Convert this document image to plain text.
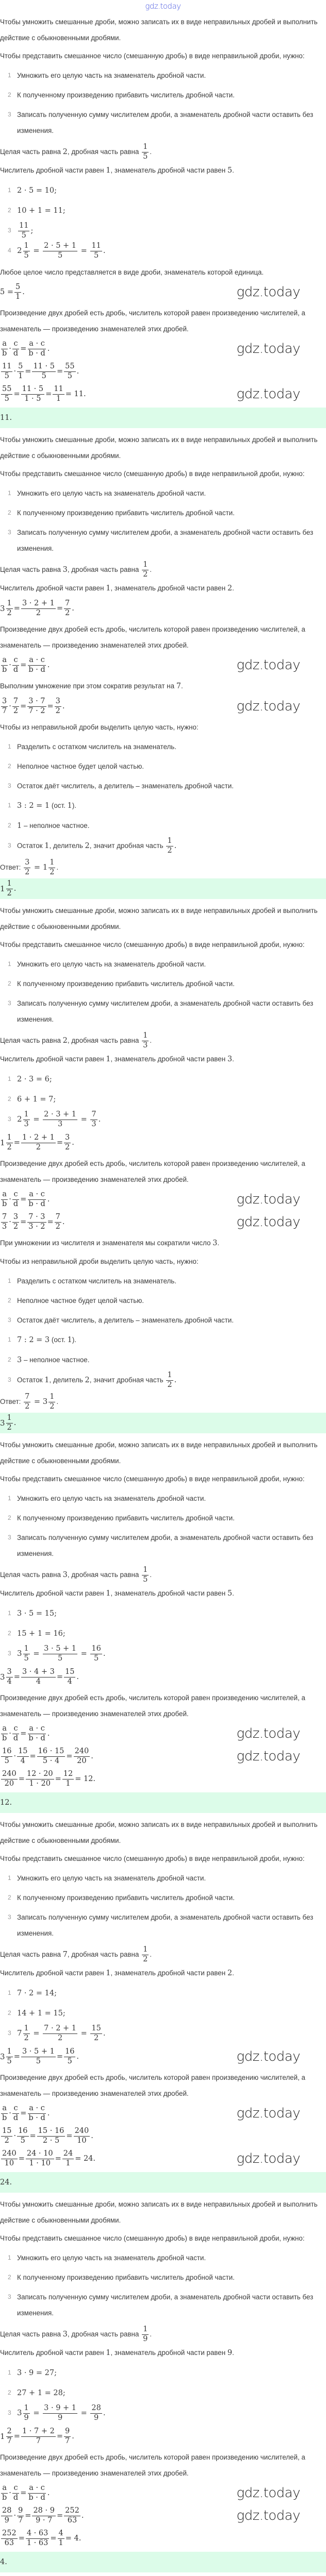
gdz.today
Чтобы умножить смешанные дроби, можно записать их в виде неправильных дробей и выполнить действие с обыкновенными дробями.
Чтобы представить смешанное число (смешанную дробь) в виде неправильной дроби, нужно:
1 Умножить его целую часть на знаменатель дробной части.
2 К полученному произведению прибавить числитель дробной части.
3 Записать полученную сумму числителем дроби, а знаменатель дробной части оставить без изменения.
Целая часть равна 2, дробная часть равна $\frac{1}{5}$ .
Числитель дробной части равен 1, знаменатель дробной части равен 5.
1 2 · 5 = 10;
2 10 + 1 = 11;
$3 \frac{11}{5}$ ;
4 $2 \frac{1}{5} = \frac{2 \cdot 5 + 1}{5} = \frac{11}{5}$ .
Любое целое число представляется в виде дроби, знаменатель которой единица.
$5 = \frac{5}{1}$ .	gdz.today
Произведение двух дробей есть дробь, числитель которой равен произведению числителей, а знаменатель — произведению знаменателей этих дробей.
$\frac{a}{b} \cdot \frac{c}{d} = \frac{a \cdot c}{b \cdot d}$ .	gdz.today
$\frac{11}{5} \cdot \frac{5}{1} = \frac{11 \cdot 5}{5} = \frac{55}{5}$ .
$\frac{55}{5} = \frac{11 \cdot 5}{1 \cdot 5} = \frac{11}{1} = 11$.	gdz.today
11.
Чтобы умножить смешанные дроби, можно записать их в виде неправильных дробей и выполнить действие с обыкновенными дробями.
Чтобы представить смешанное число (смешанную дробь) в виде неправильной дроби, нужно:
1 Умножить его целую часть на знаменатель дробной части.
2 К полученному произведению прибавить числитель дробной части.
3 Записать полученную сумму числителем дроби, а знаменатель дробной части оставить без изменения.
Целая часть равна 3, дробная часть равна $\frac{1}{2}$ .
Числитель дробной части равен 1, знаменатель дробной части равен 2.
$3 \frac{1}{2} = \frac{3 \cdot 2 + 1}{2} = \frac{7}{2}$ .
Произведение двух дробей есть дробь, числитель которой равен произведению числителей, а знаменатель — произведению знаменателей этих дробей.
$\frac{a}{b} \cdot \frac{c}{d} = \frac{a \cdot c}{b \cdot d}$ .	gdz.today
Выполним умножение при этом сократив результат на 7.
$\frac{3}{7} \cdot \frac{7}{2} = \frac{3 \cdot 7}{7 \cdot 2} = \frac{3}{2}$ .	gdz.today
Чтобы из неправильной дроби выделить целую часть, нужно:
1 Разделить с остатком числитель на знаменатель.
2 Неполное частное будет целой частью.
3 Остаток даёт числитель, а делитель – знаменатель дробной части.
1 3 : 2 = 1 (ост. 1).
2 1 – неполное частное.
3 Остаток 1, делитель 2, значит дробная часть $\frac{1}{2}$ .
Ответ: $\frac{3}{2} = 1 \frac{1}{2}$ .
$1 \frac{1}{2}$ .
Чтобы умножить смешанные дроби, можно записать их в виде неправильных дробей и выполнить действие с обыкновенными дробями.
Чтобы представить смешанное число (смешанную дробь) в виде неправильной дроби, нужно:
1 Умножить его целую часть на знаменатель дробной части.
2 К полученному произведению прибавить числитель дробной части.
3 Записать полученную сумму числителем дроби, а знаменатель дробной части оставить без изменения.
Целая часть равна 2, дробная часть равна $\frac{1}{3}$ .
Числитель дробной части равен 1, знаменатель дробной части равен 3.
1 2 · 3 = 6;
2 6 + 1 = 7;
3 $2 \frac{1}{3} = \frac{2 \cdot 3 + 1}{3} = \frac{7}{3}$ .
$1 \frac{1}{2} = \frac{1 \cdot 2 + 1}{2} = \frac{3}{2}$ .
Произведение двух дробей есть дробь, числитель которой равен произведению числителей, а знаменатель — произведению знаменателей этих дробей.
$\frac{a}{b} \cdot \frac{c}{d} = \frac{a \cdot c}{b \cdot d}$ .	gdz.today
$\frac{7}{3} \cdot \frac{3}{2} = \frac{7 \cdot 3}{3 \cdot 2} = \frac{7}{2}$ .	gdz.today
При умножении из числителя и знаменателя мы сократили число 3.
Чтобы из неправильной дроби выделить целую часть, нужно:
1 Разделить с остатком числитель на знаменатель.
2 Неполное частное будет целой частью.
3 Остаток даёт числитель, а делитель – знаменатель дробной части.
1 7 : 2 = 3 (ост. 1).
2 3 – неполное частное.
3 Остаток 1, делитель 2, значит дробная часть $\frac{1}{2}$ .
Ответ: $\frac{7}{2} = 3 \frac{1}{2}$ .
$3 \frac{1}{2}$ .
Чтобы умножить смешанные дроби, можно записать их в виде неправильных дробей и выполнить действие с обыкновенными дробями.
Чтобы представить смешанное число (смешанную дробь) в виде неправильной дроби, нужно:
1 Умножить его целую часть на знаменатель дробной части.
2 К полученному произведению прибавить числитель дробной части.
3 Записать полученную сумму числителем дроби, а знаменатель дробной части оставить без изменения.
Целая часть равна 3, дробная часть равна $\frac{1}{5}$ .
Числитель дробной части равен 1, знаменатель дробной части равен 5.
1 3 · 5 = 15;
2 15 + 1 = 16;
3 $3 \frac{1}{5} = \frac{3 \cdot 5 + 1}{5} = \frac{16}{5}$ .
$3 \frac{3}{4} = \frac{3 \cdot 4 + 3}{4} = \frac{15}{4}$ .
Произведение двух дробей есть дробь, числитель которой равен произведению числителей, а знаменатель — произведению знаменателей этих дробей.
$\frac{a}{b} \cdot \frac{c}{d} = \frac{a \cdot c}{b \cdot d}$ .	gdz.today
$\frac{16}{5} \cdot \frac{15}{4} = \frac{16 \cdot 15}{5 \cdot 4} = \frac{240}{20}$ .	gdz.today
$\frac{240}{20} = \frac{12 \cdot 20}{1 \cdot 20} = \frac{12}{1} = 12$.
12.
Чтобы умножить смешанные дроби, можно записать их в виде неправильных дробей и выполнить действие с обыкновенными дробями.
Чтобы представить смешанное число (смешанную дробь) в виде неправильной дроби, нужно:
1 Умножить его целую часть на знаменатель дробной части.
2 К полученному произведению прибавить числитель дробной части.
3 Записать полученную сумму числителем дроби, а знаменатель дробной части оставить без изменения.
Целая часть равна 7, дробная часть равна $\frac{1}{2}$ .
Числитель дробной части равен 1, знаменатель дробной части равен 2.
1 7 · 2 = 14;
2 14 + 1 = 15;
3 $7 \frac{1}{2} = \frac{7 \cdot 2 + 1}{2} = \frac{15}{2}$ .
$3 \frac{1}{5} = \frac{3 \cdot 5 + 1}{5} = \frac{16}{5}$ .	gdz.today
Произведение двух дробей есть дробь, числитель которой равен произведению числителей, а знаменатель — произведению знаменателей этих дробей.
$\frac{a}{b} \cdot \frac{c}{d} = \frac{a \cdot c}{b \cdot d}$ .	gdz.today
$\frac{15}{2} \cdot \frac{16}{5} = \frac{15 \cdot 16}{2 \cdot 5} = \frac{240}{10}$ .
$\frac{240}{10} = \frac{24 \cdot 10}{1 \cdot 10} = \frac{24}{1} = 24$.	gdz.today
24.
Чтобы умножить смешанные дроби, можно записать их в виде неправильных дробей и выполнить действие с обыкновенными дробями.
Чтобы представить смешанное число (смешанную дробь) в виде неправильной дроби, нужно:
1 Умножить его целую часть на знаменатель дробной части.
2 К полученному произведению прибавить числитель дробной части.
3 Записать полученную сумму числителем дроби, а знаменатель дробной части оставить без изменения.
Целая часть равна 3, дробная часть равна $\frac{1}{9}$ .
Числитель дробной части равен 1, знаменатель дробной части равен 9.
1 3 · 9 = 27;
2 27 + 1 = 28;
3 $3 \frac{1}{9} = \frac{3 \cdot 9 + 1}{9} = \frac{28}{9}$ .
$1 \frac{2}{7} = \frac{1 \cdot 7 + 2}{7} = \frac{9}{7}$ .
Произведение двух дробей есть дробь, числитель которой равен произведению числителей, а знаменатель — произведению знаменателей этих дробей.
$\frac{a}{b} \cdot \frac{c}{d} = \frac{a \cdot c}{b \cdot d}$ .	gdz.today
$\frac{28}{9} \cdot \frac{9}{7} = \frac{28 \cdot 9}{9 \cdot 7} = \frac{252}{63}$ .	gdz.today
$\frac{252}{63} = \frac{4 \cdot 63}{1 \cdot 63} = \frac{4}{1} = 4$.
4.
